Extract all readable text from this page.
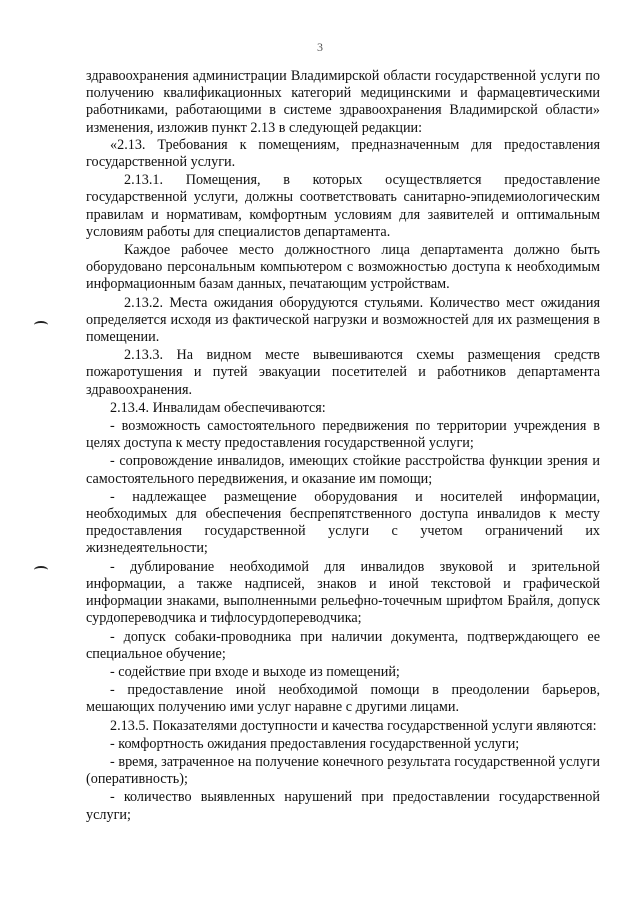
3

здравоохранения администрации Владимирской области государственной услуги по получению квалификационных категорий медицинскими и фармацевтическими работниками, работающими в системе здравоохранения Владимирской области» изменения, изложив пункт 2.13 в следующей редакции:

«2.13. Требования к помещениям, предназначенным для предоставления государственной услуги.

2.13.1. Помещения, в которых осуществляется предоставление государственной услуги, должны соответствовать санитарно-эпидемиологическим правилам и нормативам, комфортным условиям для заявителей и оптимальным условиям работы для специалистов департамента.

Каждое рабочее место должностного лица департамента должно быть оборудовано персональным компьютером с возможностью доступа к необходимым информационным базам данных, печатающим устройствам.

2.13.2. Места ожидания оборудуются стульями. Количество мест ожидания определяется исходя из фактической нагрузки и возможностей для их размещения в помещении.

2.13.3. На видном месте вывешиваются схемы размещения средств пожаротушения и путей эвакуации посетителей и работников департамента здравоохранения.

2.13.4. Инвалидам обеспечиваются:

- возможность самостоятельного передвижения по территории учреждения в целях доступа к месту предоставления государственной услуги;

- сопровождение инвалидов, имеющих стойкие расстройства функции зрения и самостоятельного передвижения, и оказание им помощи;

- надлежащее размещение оборудования и носителей информации, необходимых для обеспечения беспрепятственного доступа инвалидов к месту предоставления государственной услуги с учетом ограничений их жизнедеятельности;

- дублирование необходимой для инвалидов звуковой и зрительной информации, а также надписей, знаков и иной текстовой и графической информации знаками, выполненными рельефно-точечным шрифтом Брайля, допуск сурдопереводчика и тифлосурдопереводчика;

- допуск собаки-проводника при наличии документа, подтверждающего ее специальное обучение;

- содействие при входе и выходе из помещений;

- предоставление иной необходимой помощи в преодолении барьеров, мешающих получению ими услуг наравне с другими лицами.

2.13.5. Показателями доступности и качества государственной услуги являются:

- комфортность ожидания предоставления государственной услуги;

- время, затраченное на получение конечного результата государственной услуги (оперативность);

- количество выявленных нарушений при предоставлении государственной услуги;
